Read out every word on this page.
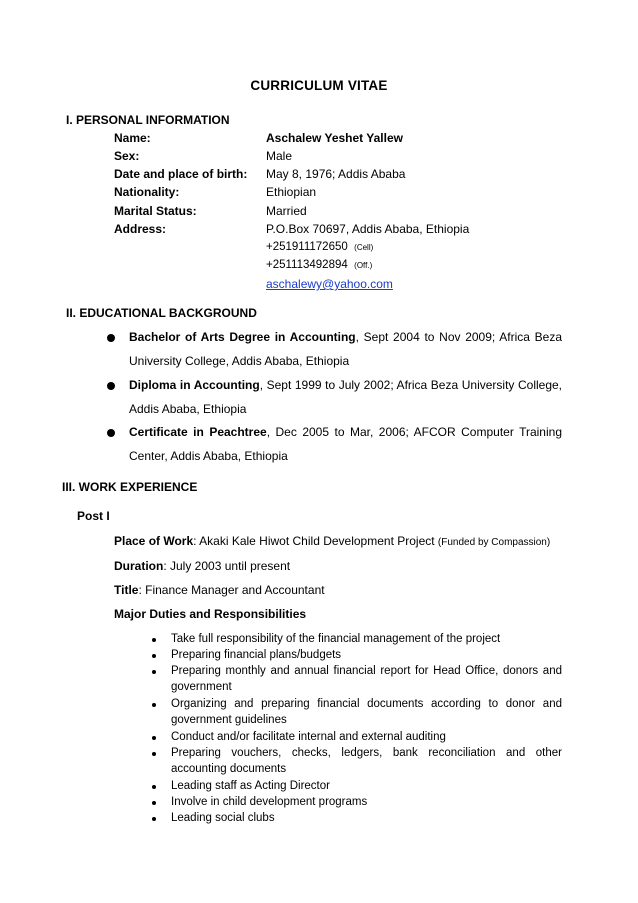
CURRICULUM VITAE
I. PERSONAL INFORMATION
Name:	Aschalew Yeshet Yallew
Sex:	Male
Date and place of birth: May 8, 1976; Addis Ababa
Nationality:	Ethiopian
Marital Status:	Married
Address:	P.O.Box 70697, Addis Ababa, Ethiopia
+251911172650 (Cell)
+251113492894 (Off.)
aschalewy@yahoo.com
II. EDUCATIONAL BACKGROUND
Bachelor of Arts Degree in Accounting, Sept 2004 to Nov 2009; Africa Beza
University College, Addis Ababa, Ethiopia
Diploma in Accounting, Sept 1999 to July 2002; Africa Beza University College,
Addis Ababa, Ethiopia
Certificate in Peachtree, Dec 2005 to Mar, 2006; AFCOR Computer Training
Center, Addis Ababa, Ethiopia
III. WORK EXPERIENCE
Post I
Place of Work: Akaki Kale Hiwot Child Development Project (Funded by Compassion)
Duration: July 2003 until present
Title: Finance Manager and Accountant
Major Duties and Responsibilities
Take full responsibility of the financial management of the project
Preparing financial plans/budgets
Preparing monthly and annual financial report for Head Office, donors and government
Organizing and preparing financial documents according to donor and government guidelines
Conduct and/or facilitate internal and external auditing
Preparing vouchers, checks, ledgers, bank reconciliation and other accounting documents
Leading staff as Acting Director
Involve in child development programs
Leading social clubs
